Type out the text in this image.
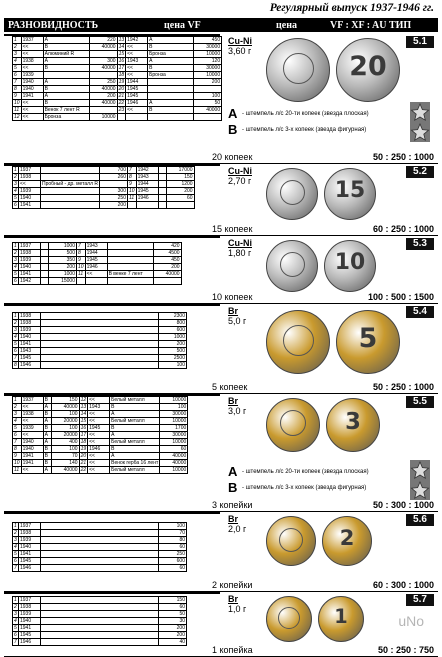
Регулярный выпуск 1937-1946 гг.
РАЗНОВИДНОСТЬ	цена VF	цена	VF : XF : AU ТИП
5.1
1	1937	А	220	13	1942	А	450
2	<<	В	40000	14	<<	В	30000
3	<<	Алюминий R		15	<<	Бронза	10000
4	1938	А	300	16	1943	А	120
5	<<	В	40000	17	<<	В	30000
6	1939			18	<<	Бронза	10000
7	1940	А	250	19	1944		200
8	1940	В	40000	20	1945		
9	1941	А	200	21	1945		100
10	<<	В	40000	22	1946	А	50
11	<<	Венок 7 лент R		23	<<	В	40000
12	<<	Бронза	10000				
Cu-Ni
3,60 г	20
А - штемпель л/с 20-ти копеек (звезда плоская)
В - штемпель л/с 3-х копеек (звезда фигурная)
20 копеек	50 : 250 : 1000
5.2
1	1937		700	7	1942		17000
2	1938		260	8	1943		150
3	<<	Пробный - др. металл R		9	1944		1200
4	1939		300	10	1945		200
5	1940		250	11	1946		60
6	1941		200				
Cu-Ni
2,70 г	15
15 копеек	60 : 250 : 1000
5.3
1	1937		1000	7	1943		420
2	1938		500	8	1944		4500
3	1939		350	9	1945		450
4	1940		200	10	1946		200
5	1941		1000	11	<<	В венке 7 лент	40000
6	1942		15000				
Cu-Ni
1,80 г	10
10 копеек	100 : 500 : 1500
5.4
1	1938		2300
2	1938		800
3	1939		600
4	1940		1000
5	1941		200
6	1943		500
7	1945		2500
8	1946		100
Br
5,0 г
5
5 копеек	50 : 250 : 1000
5.5
1	1937	В	150	12	<<	Белый металл	10000
2	<<	А	40000	13	1943	В	100
3	1938	В	100	14	<<	А	30000
4	<<	А	20000	15	<<	Белый металл	10000
5	1939	В	100	16	1945	В	1700
6	<<	А	20000	17	<<	А	30000
7	1940	А	400	18	<<	Белый металл	10000
8	1940	В	100	19	1946	В	60
9	1941	В	70	20	<<	А	40000
10	1941	В	140	21	<<	Венок герба 16 лент	40000
11	<<	А	40000	22	<<	Белый металл	10000
Br
3,0 г	3
А - штемпель л/с 20-ти копеек (звезда плоская)
В - штемпель л/с 3-х копеек (звезда фигурная)
3 копейки	50 : 300 : 1000
5.6
1	1937		100
2	1938		70
3	1939		80
4	1940		60
5	1941		250
6	1945		600
7	1946		60
Br
2,0 г	2
2 копейки	60 : 300 : 1000
5.7
1	1937		150
2	1938		60
3	1939		50
4	1940		30
5	1941		200
6	1945		200
7	1946		40
Br
1,0 г	1
1 копейка	50 : 250 : 750
uNo
